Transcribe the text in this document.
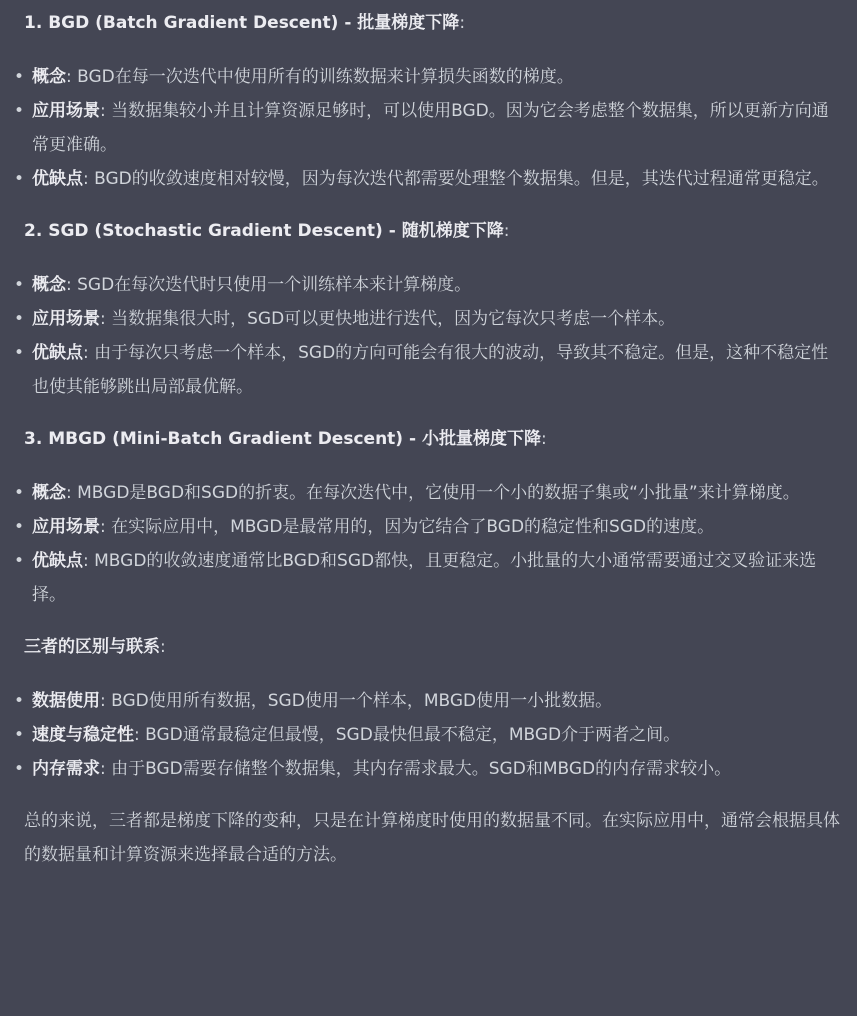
1. BGD (Batch Gradient Descent) - 批量梯度下降:
• 概念: BGD在每一次迭代中使用所有的训练数据来计算损失函数的梯度。
• 应用场景: 当数据集较小并且计算资源足够时，可以使用BGD。因为它会考虑整个数据集，所以更新方向通常更准确。
• 优缺点: BGD的收敛速度相对较慢，因为每次迭代都需要处理整个数据集。但是，其迭代过程通常更稳定。
2. SGD (Stochastic Gradient Descent) - 随机梯度下降:
• 概念: SGD在每次迭代时只使用一个训练样本来计算梯度。
• 应用场景: 当数据集很大时，SGD可以更快地进行迭代，因为它每次只考虑一个样本。
• 优缺点: 由于每次只考虑一个样本，SGD的方向可能会有很大的波动，导致其不稳定。但是，这种不稳定性也使其能够跳出局部最优解。
3. MBGD (Mini-Batch Gradient Descent) - 小批量梯度下降:
• 概念: MBGD是BGD和SGD的折衷。在每次迭代中，它使用一个小的数据子集或“小批量”来计算梯度。
• 应用场景: 在实际应用中，MBGD是最常用的，因为它结合了BGD的稳定性和SGD的速度。
• 优缺点: MBGD的收敛速度通常比BGD和SGD都快，且更稳定。小批量的大小通常需要通过交叉验证来选择。
三者的区别与联系:
• 数据使用: BGD使用所有数据，SGD使用一个样本，MBGD使用一小批数据。
• 速度与稳定性: BGD通常最稳定但最慢，SGD最快但最不稳定，MBGD介于两者之间。
• 内存需求: 由于BGD需要存储整个数据集，其内存需求最大。SGD和MBGD的内存需求较小。

总的来说，三者都是梯度下降的变种，只是在计算梯度时使用的数据量不同。在实际应用中，通常会根据具体的数据量和计算资源来选择最合适的方法。
